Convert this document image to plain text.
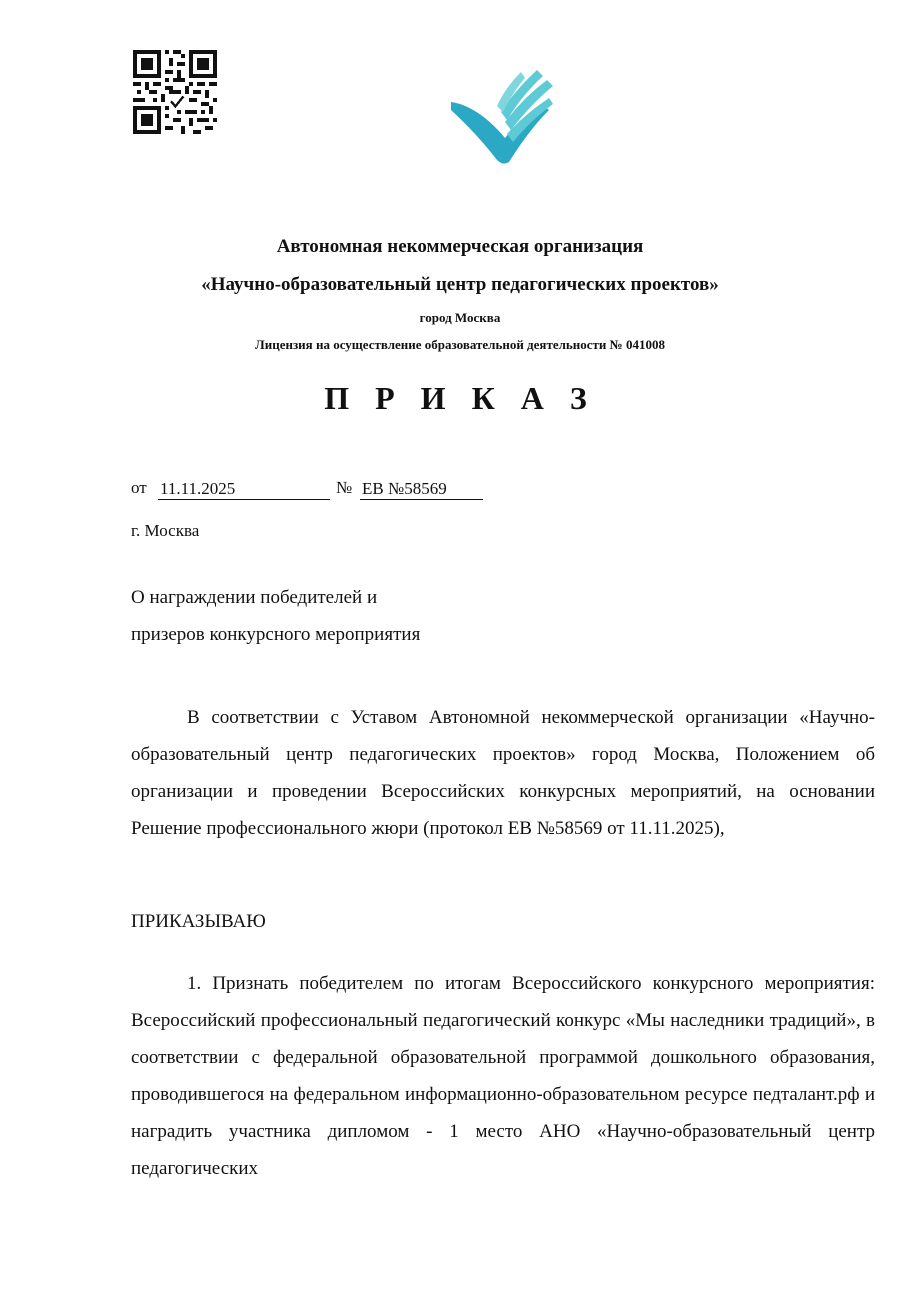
Автономная некоммерческая организация
«Научно-образовательный центр педагогических проектов»
город Москва
Лицензия на осуществление образовательной деятельности № 041008
П Р И К А З
от 11.11.2025	№ ЕВ №58569
г. Москва
О награждении победителей и
призеров конкурсного мероприятия

В соответствии с Уставом Автономной некоммерческой организации «Научно-образовательный центр педагогических проектов» город Москва, Положением об организации и проведении Всероссийских конкурсных мероприятий, на основании Решение профессионального жюри (протокол ЕВ №58569 от 11.11.2025),

ПРИКАЗЫВАЮ

1. Признать победителем по итогам Всероссийского конкурсного мероприятия: Всероссийский профессиональный педагогический конкурс «Мы наследники традиций», в соответствии с федеральной образовательной программой дошкольного образования, проводившегося на федеральном информационно-образовательном ресурсе педталант.рф и наградить участника дипломом - 1 место АНО «Научно-образовательный центр педагогических
